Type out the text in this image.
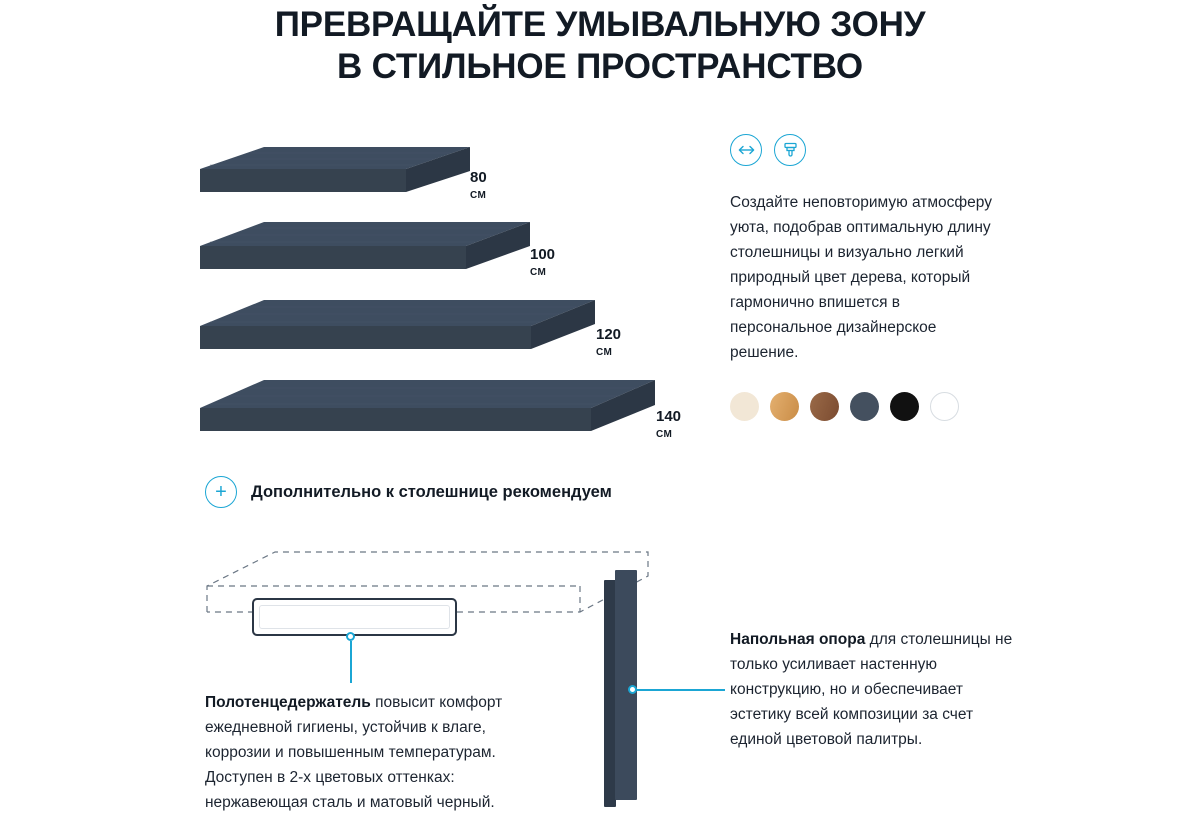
ПРЕВРАЩАЙТЕ УМЫВАЛЬНУЮ ЗОНУ
В СТИЛЬНОЕ ПРОСТРАНСТВО
80
СМ
100
СМ
120
СМ
140
СМ
Создайте неповторимую атмосферу уюта, подобрав оптимальную длину столешницы и визуально легкий природный цвет дерева, который гармонично впишется в персональное дизайнерское решение.
+ Дополнительно к столешнице рекомендуем
Полотенцедержатель повысит комфорт ежедневной гигиены, устойчив к влаге, коррозии и повышенным температурам. Доступен в 2-х цветовых оттенках: нержавеющая сталь и матовый черный.
Напольная опора для столешницы не только усиливает настенную конструкцию, но и обеспечивает эстетику всей композиции за счет единой цветовой палитры.
